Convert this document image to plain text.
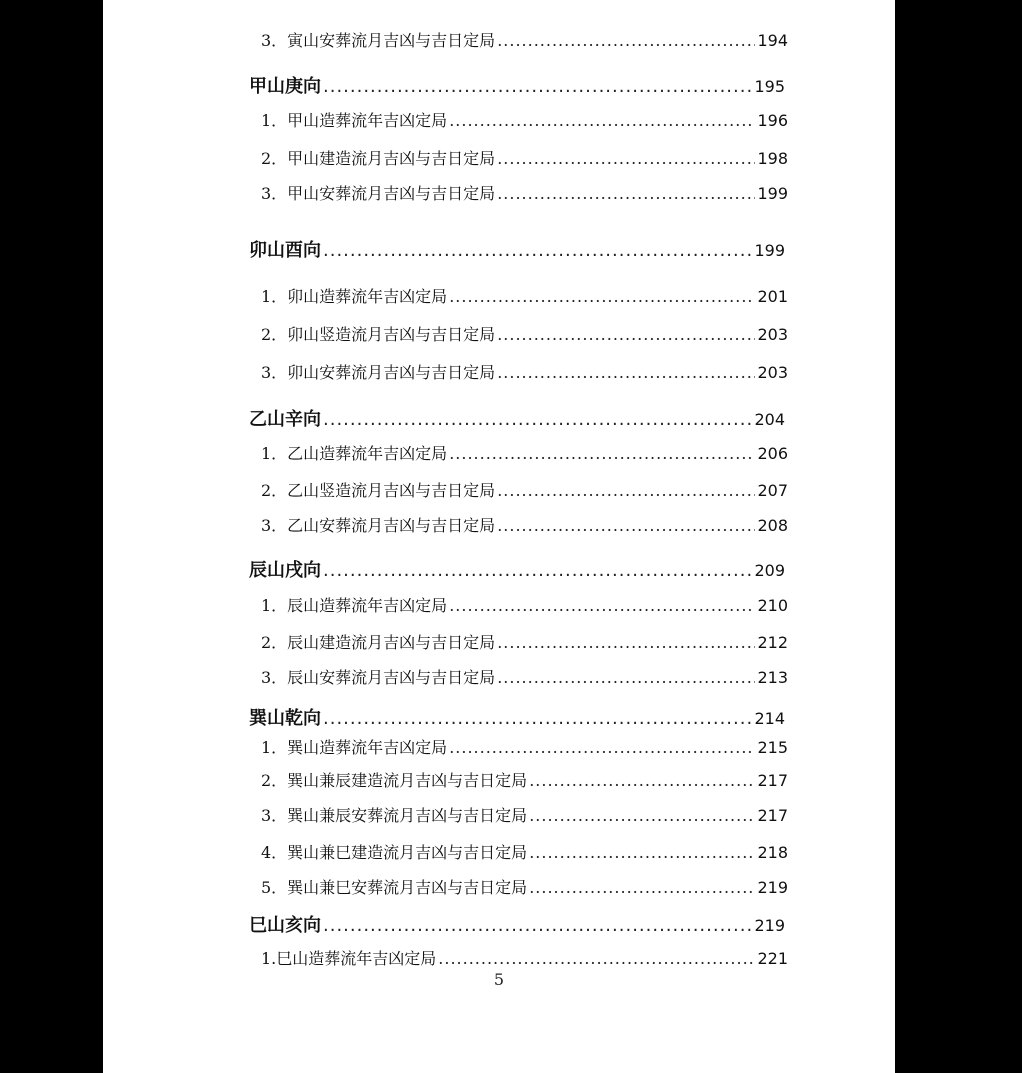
3．寅山安葬流月吉凶与吉日定局 .....	194
甲山庚向 .....	195
1．甲山造葬流年吉凶定局 .....	196
2．甲山建造流月吉凶与吉日定局 .....	198
3．甲山安葬流月吉凶与吉日定局 .....	199
卯山酉向 .....	199
1．卯山造葬流年吉凶定局 .....	201
2．卯山竖造流月吉凶与吉日定局 .....	203
3．卯山安葬流月吉凶与吉日定局 .....	203
乙山辛向 .....	204
1．乙山造葬流年吉凶定局 .....	206
2．乙山竖造流月吉凶与吉日定局 .....	207
3．乙山安葬流月吉凶与吉日定局 .....	208
辰山戌向 .....	209
1．辰山造葬流年吉凶定局 .....	210
2．辰山建造流月吉凶与吉日定局 .....	212
3．辰山安葬流月吉凶与吉日定局 .....	213
巽山乾向 .....	214
1．巽山造葬流年吉凶定局 .....	215
2．巽山兼辰建造流月吉凶与吉日定局 .....	217
3．巽山兼辰安葬流月吉凶与吉日定局 .....	217
4．巽山兼巳建造流月吉凶与吉日定局 .....	218
5．巽山兼巳安葬流月吉凶与吉日定局 .....	219
巳山亥向 .....	219
1.巳山造葬流年吉凶定局 .....	221
5
